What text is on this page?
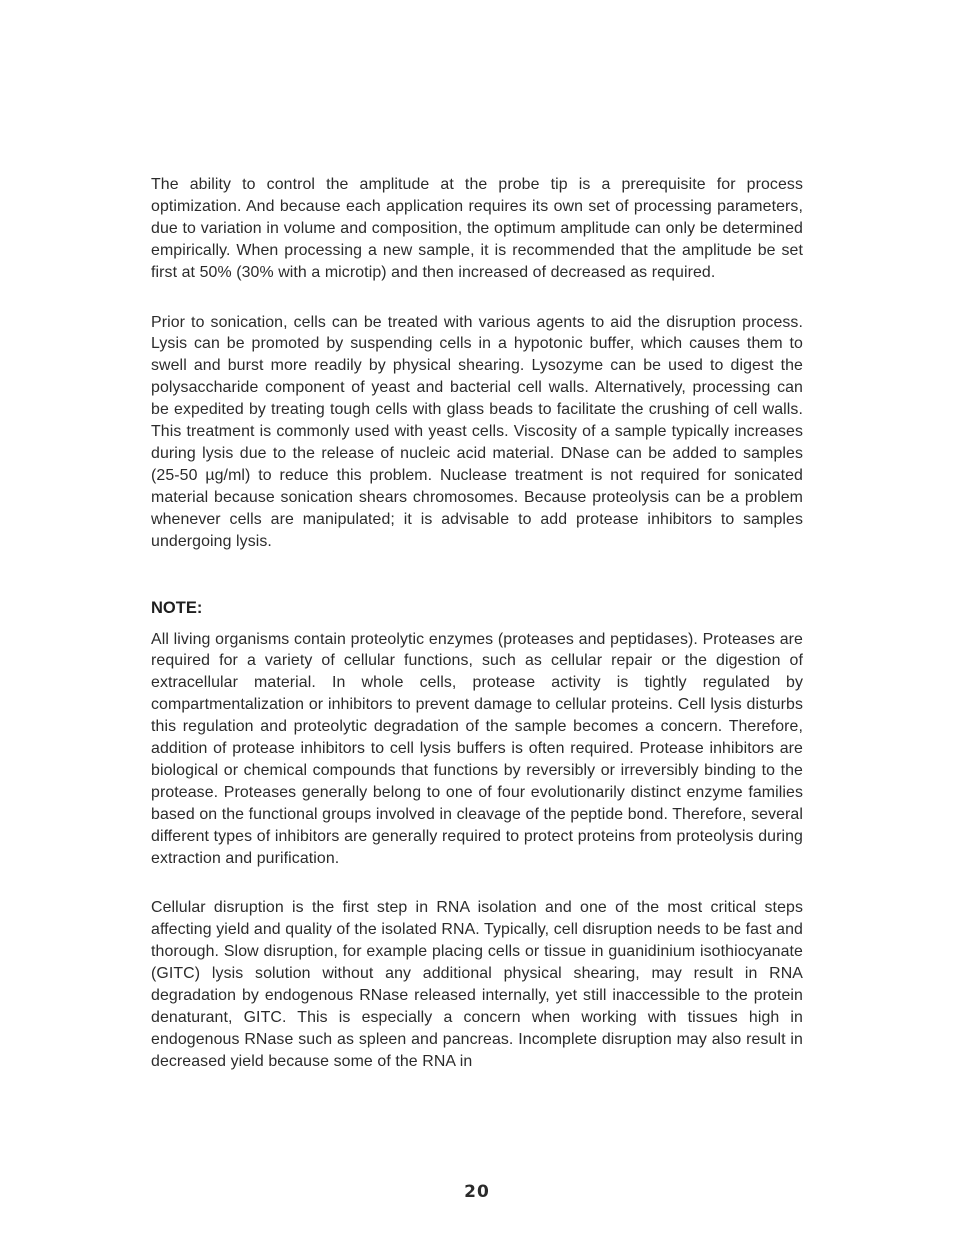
The ability to control the amplitude at the probe tip is a prerequisite for process optimization. And because each application requires its own set of processing parameters, due to variation in volume and composition, the optimum amplitude can only be determined empirically. When processing a new sample, it is recommended that the amplitude be set first at 50% (30% with a microtip) and then increased of decreased as required.

Prior to sonication, cells can be treated with various agents to aid the disruption process. Lysis can be promoted by suspending cells in a hypotonic buffer, which causes them to swell and burst more readily by physical shearing. Lysozyme can be used to digest the polysaccharide component of yeast and bacterial cell walls. Alternatively, processing can be expedited by treating tough cells with glass beads to facilitate the crushing of cell walls. This treatment is commonly used with yeast cells. Viscosity of a sample typically increases during lysis due to the release of nucleic acid material. DNase can be added to samples (25-50 µg/ml) to reduce this problem. Nuclease treatment is not required for sonicated material because sonication shears chromosomes. Because proteolysis can be a problem whenever cells are manipulated; it is advisable to add protease inhibitors to samples undergoing lysis.

NOTE:

All living organisms contain proteolytic enzymes (proteases and peptidases). Proteases are required for a variety of cellular functions, such as cellular repair or the digestion of extracellular material. In whole cells, protease activity is tightly regulated by compartmentalization or inhibitors to prevent damage to cellular proteins. Cell lysis disturbs this regulation and proteolytic degradation of the sample becomes a concern. Therefore, addition of protease inhibitors to cell lysis buffers is often required. Protease inhibitors are biological or chemical compounds that functions by reversibly or irreversibly binding to the protease. Proteases generally belong to one of four evolutionarily distinct enzyme families based on the functional groups involved in cleavage of the peptide bond. Therefore, several different types of inhibitors are generally required to protect proteins from proteolysis during extraction and purification.

Cellular disruption is the first step in RNA isolation and one of the most critical steps affecting yield and quality of the isolated RNA. Typically, cell disruption needs to be fast and thorough. Slow disruption, for example placing cells or tissue in guanidinium isothiocyanate (GITC) lysis solution without any additional physical shearing, may result in RNA degradation by endogenous RNase released internally, yet still inaccessible to the protein denaturant, GITC. This is especially a concern when working with tissues high in endogenous RNase such as spleen and pancreas. Incomplete disruption may also result in decreased yield because some of the RNA in

20
